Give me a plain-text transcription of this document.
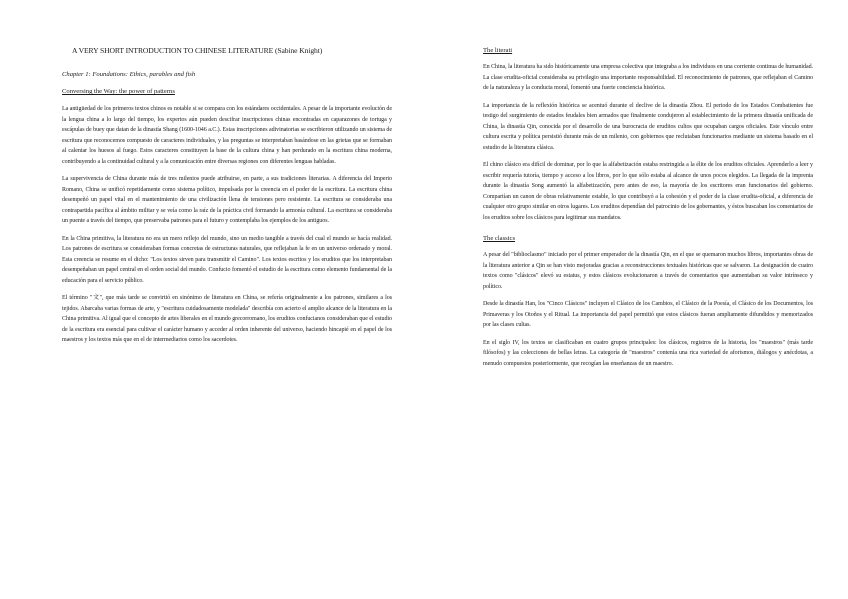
A VERY SHORT INTRODUCTION TO CHINESE LITERATURE (Sabine Knight)
Chapter 1: Foundations: Ethics, parables and fish
Conversing the Way: the power of patterns

La antigüedad de los primeros textos chinos es notable si se compara con los estándares occidentales. A pesar de la importante evolución de la lengua china a lo largo del tiempo, los expertos aún pueden descifrar inscripciones chinas encontradas en caparazones de tortuga y escápulas de buey que datan de la dinastía Shang (1600-1046 a.C.). Estas inscripciones adivinatorias se escribieron utilizando un sistema de escritura que reconocemos compuesto de caracteres individuales, y las preguntas se interpretaban basándose en las grietas que se formaban al calentar los huesos al fuego. Estos caracteres constituyen la base de la cultura china y han perdurado en la escritura china moderna, contribuyendo a la continuidad cultural y a la comunicación entre diversas regiones con diferentes lenguas habladas.

La supervivencia de China durante más de tres milenios puede atribuirse, en parte, a sus tradiciones literarias. A diferencia del Imperio Romano, China se unificó repetidamente como sistema político, impulsada por la creencia en el poder de la escritura. La escritura china desempeñó un papel vital en el mantenimiento de una civilización llena de tensiones pero resistente. La escritura se consideraba una contrapartida pacífica al ámbito militar y se veía como la raíz de la práctica civil formando la armonía cultural. La escritura se consideraba un puente a través del tiempo, que preservaba patrones para el futuro y contemplaba los ejemplos de los antiguos.

En la China primitiva, la literatura no era un mero reflejo del mundo, sino un medio tangible a través del cual el mundo se hacía realidad. Los patrones de escritura se consideraban formas concretas de estructuras naturales, que reflejaban la fe en un universo ordenado y moral. Esta creencia se resume en el dicho: "Los textos sirven para transmitir el Camino". Los textos escritos y los eruditos que los interpretaban desempeñaban un papel central en el orden social del mundo. Confucio fomentó el estudio de la escritura como elemento fundamental de la educación para el servicio público.

El término "文", que más tarde se convirtió en sinónimo de literatura en China, se refería originalmente a los patrones, similares a los tejidos. Abarcaba varias formas de arte, y "escritura cuidadosamente modelada" describía con acierto el amplio alcance de la literatura en la China primitiva. Al igual que el concepto de artes liberales en el mundo grecorromano, los eruditos confucianos consideraban que el estudio de la escritura era esencial para cultivar el carácter humano y acceder al orden inherente del universo, haciendo hincapié en el papel de los maestros y los textos más que en el de intermediarios como los sacerdotes.

The literati

En China, la literatura ha sido históricamente una empresa colectiva que integraba a los individuos en una corriente continua de humanidad. La clase erudita-oficial consideraba su privilegio una importante responsabilidad. El reconocimiento de patrones, que reflejaban el Camino de la naturaleza y la conducta moral, fomentó una fuerte conciencia histórica.

La importancia de la reflexión histórica se acentuó durante el declive de la dinastía Zhou. El periodo de los Estados Combatientes fue testigo del surgimiento de estados feudales bien armados que finalmente condujeron al establecimiento de la primera dinastía unificada de China, la dinastía Qin, conocida por el desarrollo de una burocracia de eruditos cultos que ocupaban cargos oficiales. Este vínculo entre cultura escrita y política persistió durante más de un milenio, con gobiernos que reclutaban funcionarios mediante un sistema basado en el estudio de la literatura clásica.

El chino clásico era difícil de dominar, por lo que la alfabetización estaba restringida a la élite de los eruditos oficiales. Aprenderlo a leer y escribir requería tutoría, tiempo y acceso a los libros, por lo que sólo estaba al alcance de unos pocos elegidos. La llegada de la imprenta durante la dinastía Song aumentó la alfabetización, pero antes de eso, la mayoría de los escritores eran funcionarios del gobierno. Compartían un canon de obras relativamente estable, lo que contribuyó a la cohesión y el poder de la clase erudita-oficial, a diferencia de cualquier otro grupo similar en otros lugares. Los eruditos dependían del patrocinio de los gobernantes, y éstos buscaban los comentarios de los eruditos sobre los clásicos para legitimar sus mandatos.

The classics

A pesar del "biblioclasmo" iniciado por el primer emperador de la dinastía Qin, en el que se quemaron muchos libros, importantes obras de la literatura anterior a Qin se han visto mejoradas gracias a reconstrucciones textuales históricas que se salvaron. La designación de cuatro textos como "clásicos" elevó su estatus, y estos clásicos evolucionaron a través de comentarios que aumentaban su valor intrínseco y político.

Desde la dinastía Han, los "Cinco Clásicos" incluyen el Clásico de los Cambios, el Clásico de la Poesía, el Clásico de los Documentos, los Primaveras y los Otoños y el Ritual. La importancia del papel permitió que estos clásicos fueran ampliamente difundidos y memorizados por las clases cultas.

En el siglo IV, los textos se clasificaban en cuatro grupos principales: los clásicos, registros de la historia, los "maestros" (más tarde filósofos) y las colecciones de bellas letras. La categoría de "maestros" contenía una rica variedad de aforismos, diálogos y anécdotas, a menudo compuestos posteriormente, que recogían las enseñanzas de un maestro.
